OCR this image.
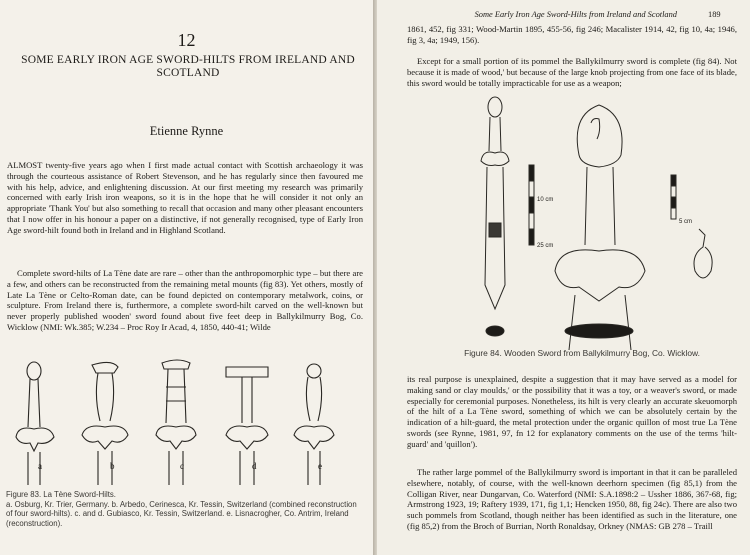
12
SOME EARLY IRON AGE SWORD-HILTS FROM IRELAND AND SCOTLAND
Etienne Rynne
ALMOST twenty-five years ago when I first made actual contact with Scottish archaeology it was through the courteous assistance of Robert Stevenson, and he has regularly since then favoured me with his help, advice, and enlightening discussion. At our first meeting my research was primarily concerned with early Irish iron weapons, so it is in the hope that he will consider it not only an appropriate 'Thank You' but also something to recall that occasion and many other pleasant encounters that I now offer in his honour a paper on a distinctive, if not generally recognised, type of Early Iron Age sword-hilt found both in Ireland and in Highland Scotland.
Complete sword-hilts of La Tène date are rare – other than the anthropomorphic type – but there are a few, and others can be reconstructed from the remaining metal mounts (fig 83). Yet others, mostly of Late La Tène or Celto-Roman date, can be found depicted on contemporary metalwork, coins, or sculpture. From Ireland there is, furthermore, a complete sword-hilt carved on the well-known but never properly published wooden' sword found about five feet deep in Ballykilmurry Bog, Co. Wicklow (NMI: Wk.385; W.234 – Proc Roy Ir Acad, 4, 1850, 440-41; Wilde
a	b	c	d	e
Figure 83. La Tène Sword-Hilts.
a. Osburg, Kr. Trier, Germany. b. Arbedo, Cerinesca, Kr. Tessin, Switzerland (combined reconstruction of four sword-hilts). c. and d. Gubiasco, Kr. Tessin, Switzerland. e. Lisnacrogher, Co. Antrim, Ireland (reconstruction).
Some Early Iron Age Sword-Hilts from Ireland and Scotland	189
1861, 452, fig 331; Wood-Martin 1895, 455-56, fig 246; Macalister 1914, 42, fig 10, 4a; 1946, fig 3, 4a; 1949, 156).
Except for a small portion of its pommel the Ballykilmurry sword is complete (fig 84). Not because it is made of wood,' but because of the large knob projecting from one face of its blade, this sword would be totally impracticable for use as a weapon;
10 cm
25 cm
5 cm
Figure 84. Wooden Sword from Ballykilmurry Bog, Co. Wicklow.
its real purpose is unexplained, despite a suggestion that it may have served as a model for making sand or clay moulds,' or the possibility that it was a toy, or a weaver's sword, or made especially for ceremonial purposes. Nonetheless, its hilt is very clearly an accurate skeuomorph of the hilt of a La Tène sword, something of which we can be absolutely certain by the indication of a hilt-guard, the metal protection under the organic quillon of most true La Tène swords (see Rynne, 1981, 97, fn 12 for explanatory comments on the use of the terms 'hilt-guard' and 'quillon').
The rather large pommel of the Ballykilmurry sword is important in that it can be paralleled elsewhere, notably, of course, with the well-known deerhorn specimen (fig 85,1) from the Colligan River, near Dungarvan, Co. Waterford (NMI: S.A.1898:2 – Ussher 1886, 367-68, fig; Armstrong 1923, 19; Raftery 1939, 171, fig 1,1; Hencken 1950, 88, fig 24c). There are also two such pommels from Scotland, though neither has been identified as such in the literature, one (fig 85,2) from the Broch of Burrian, North Ronaldsay, Orkney (NMAS: GB 278 – Traill
